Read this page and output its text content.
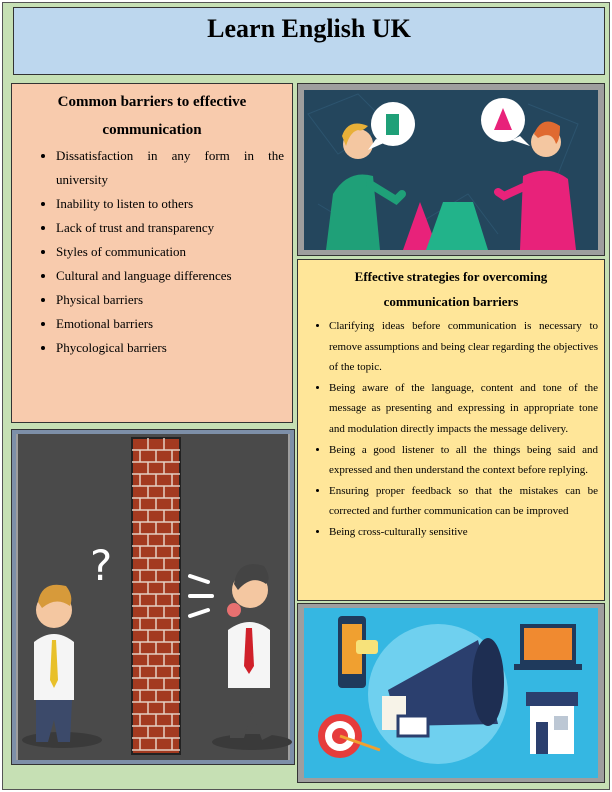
Learn English UK
Common barriers to effective communication
• Dissatisfaction in any form in the university
• Inability to listen to others
• Lack of trust and transparency
• Styles of communication
• Cultural and language differences
• Physical barriers
• Emotional barriers
• Phycological barriers
Effective strategies for overcoming communication barriers
• Clarifying ideas before communication is necessary to remove assumptions and being clear regarding the objectives of the topic.
• Being aware of the language, content and tone of the message as presenting and expressing in appropriate tone and modulation directly impacts the message delivery.
• Being a good listener to all the things being said and expressed and then understand the context before replying.
• Ensuring proper feedback so that the mistakes can be corrected and further communication can be improved
• Being cross-culturally sensitive
?
